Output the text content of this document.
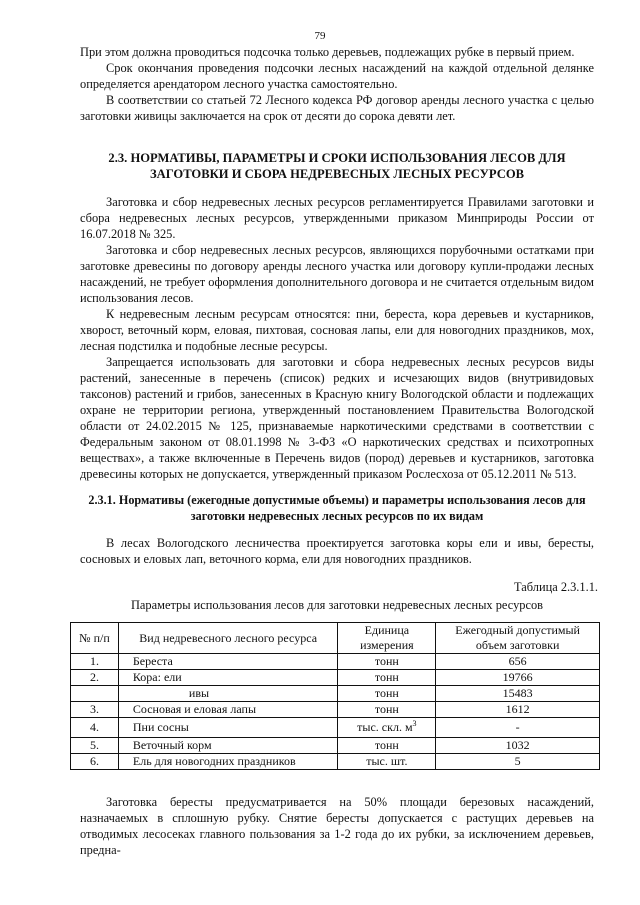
79

При этом должна проводиться подсочка только деревьев, подлежащих рубке в первый прием.

Срок окончания проведения подсочки лесных насаждений на каждой отдельной делянке определяется арендатором лесного участка самостоятельно.

В соответствии со статьей 72 Лесного кодекса РФ договор аренды лесного участка с целью заготовки живицы заключается на срок от десяти до сорока девяти лет.

2.3. НОРМАТИВЫ, ПАРАМЕТРЫ И СРОКИ ИСПОЛЬЗОВАНИЯ ЛЕСОВ ДЛЯ ЗАГОТОВКИ И СБОРА НЕДРЕВЕСНЫХ ЛЕСНЫХ РЕСУРСОВ

Заготовка и сбор недревесных лесных ресурсов регламентируется Правилами заготовки и сбора недревесных лесных ресурсов, утвержденными приказом Минприроды России от 16.07.2018 № 325.

Заготовка и сбор недревесных лесных ресурсов, являющихся порубочными остатками при заготовке древесины по договору аренды лесного участка или договору купли-продажи лесных насаждений, не требует оформления дополнительного договора и не считается отдельным видом использования лесов.

К недревесным лесным ресурсам относятся: пни, береста, кора деревьев и кустарников, хворост, веточный корм, еловая, пихтовая, сосновая лапы, ели для новогодних праздников, мох, лесная подстилка и подобные лесные ресурсы.

Запрещается использовать для заготовки и сбора недревесных лесных ресурсов виды растений, занесенные в перечень (список) редких и исчезающих видов (внутривидовых таксонов) растений и грибов, занесенных в Красную книгу Вологодской области и подлежащих охране не территории региона, утвержденный постановлением Правительства Вологодской области от 24.02.2015 № 125, признаваемые наркотическими средствами в соответствии с Федеральным законом от 08.01.1998 № 3-ФЗ «О наркотических средствах и психотропных веществах», а также включенные в Перечень видов (пород) деревьев и кустарников, заготовка древесины которых не допускается, утвержденный приказом Рослесхоза от 05.12.2011 № 513.

2.3.1. Нормативы (ежегодные допустимые объемы) и параметры использования лесов для заготовки недревесных лесных ресурсов по их видам

В лесах Вологодского лесничества проектируется заготовка коры ели и ивы, бересты, сосновых и еловых лап, веточного корма, ели для новогодних праздников.

Таблица 2.3.1.1.
Параметры использования лесов для заготовки недревесных лесных ресурсов
№ п/п	Вид недревесного лесного ресурса	Единица измерения	Ежегодный допустимый объем заготовки
1.	Береста	тонн	656
2.	Кора: ели	тонн	19766
	ивы	тонн	15483
3.	Сосновая и еловая лапы	тонн	1612
4.	Пни сосны	тыс. скл. $м^3$	-
5.	Веточный корм	тонн	1032
6.	Ель для новогодних праздников	тыс. шт.	5

Заготовка бересты предусматривается на 50% площади березовых насаждений, назначаемых в сплошную рубку. Снятие бересты допускается с растущих деревьев на отводимых лесосеках главного пользования за 1-2 года до их рубки, за исключением деревьев, предна-
